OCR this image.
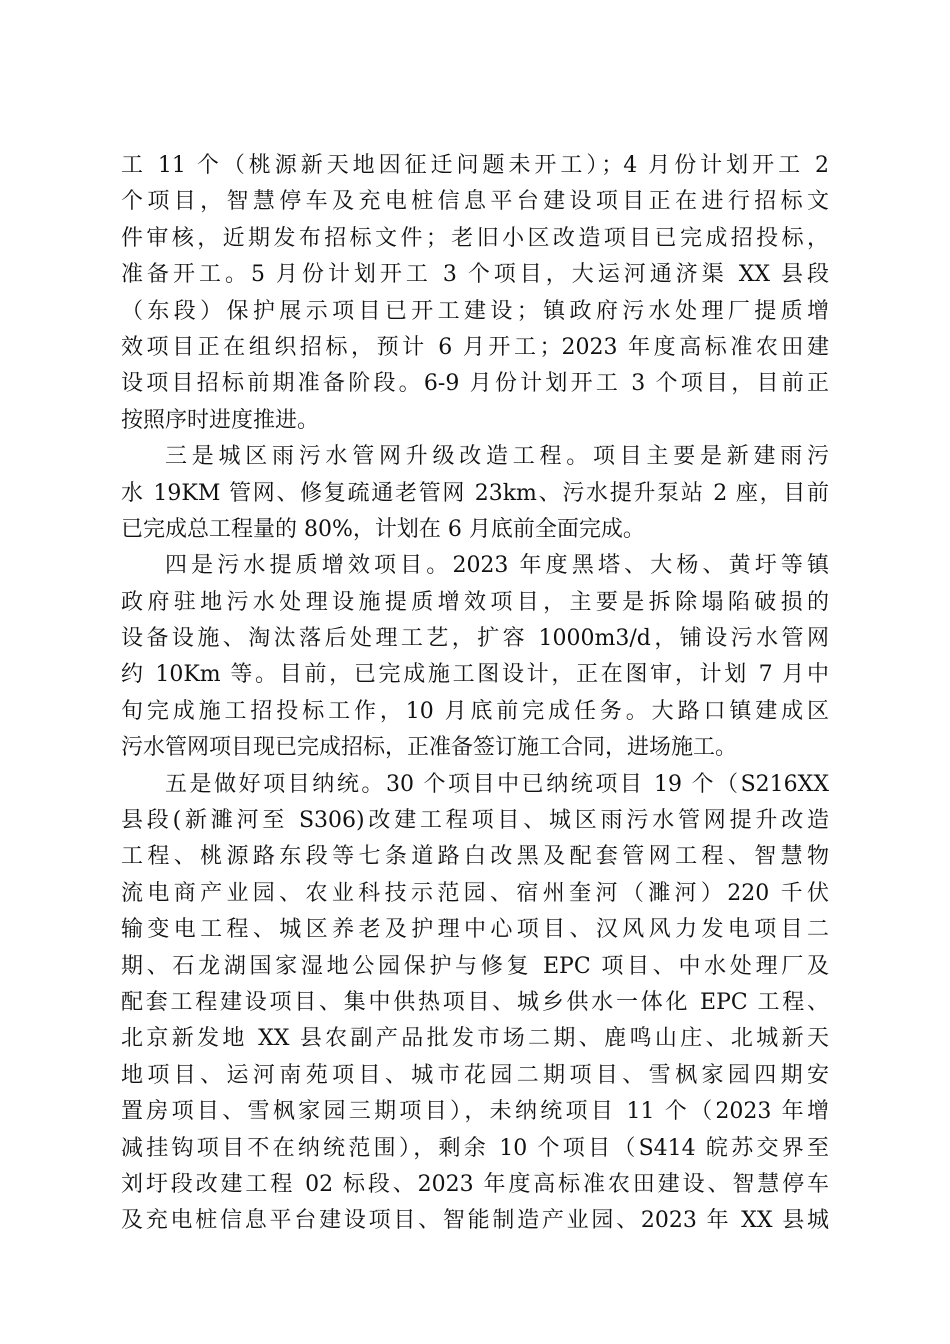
工 11 个（桃源新天地因征迁问题未开工）；4 月份计划开工 2
个项目，智慧停车及充电桩信息平台建设项目正在进行招标文
件审核，近期发布招标文件；老旧小区改造项目已完成招投标，
准备开工。5 月份计划开工 3 个项目，大运河通济渠 XX 县段
（东段）保护展示项目已开工建设；镇政府污水处理厂提质增
效项目正在组织招标，预计 6 月开工；2023 年度高标准农田建
设项目招标前期准备阶段。6-9 月份计划开工 3 个项目，目前正
按照序时进度推进。
三是城区雨污水管网升级改造工程。项目主要是新建雨污
水 19KM 管网、修复疏通老管网 23km、污水提升泵站 2 座，目前
已完成总工程量的 80%，计划在 6 月底前全面完成。
四是污水提质增效项目。2023 年度黑塔、大杨、黄圩等镇
政府驻地污水处理设施提质增效项目，主要是拆除塌陷破损的
设备设施、淘汰落后处理工艺，扩容 1000m3/d，铺设污水管网
约 10Km 等。目前，已完成施工图设计，正在图审，计划 7 月中
旬完成施工招投标工作，10 月底前完成任务。大路口镇建成区
污水管网项目现已完成招标，正准备签订施工合同，进场施工。
五是做好项目纳统。30 个项目中已纳统项目 19 个（S216XX
县段(新濉河至 S306)改建工程项目、城区雨污水管网提升改造
工程、桃源路东段等七条道路白改黑及配套管网工程、智慧物
流电商产业园、农业科技示范园、宿州奎河（濉河）220 千伏
输变电工程、城区养老及护理中心项目、汉风风力发电项目二
期、石龙湖国家湿地公园保护与修复 EPC 项目、中水处理厂及
配套工程建设项目、集中供热项目、城乡供水一体化 EPC 工程、
北京新发地 XX 县农副产品批发市场二期、鹿鸣山庄、北城新天
地项目、运河南苑项目、城市花园二期项目、雪枫家园四期安
置房项目、雪枫家园三期项目），未纳统项目 11 个（2023 年增
减挂钩项目不在纳统范围），剩余 10 个项目（S414 皖苏交界至
刘圩段改建工程 02 标段、2023 年度高标准农田建设、智慧停车
及充电桩信息平台建设项目、智能制造产业园、2023 年 XX 县城
